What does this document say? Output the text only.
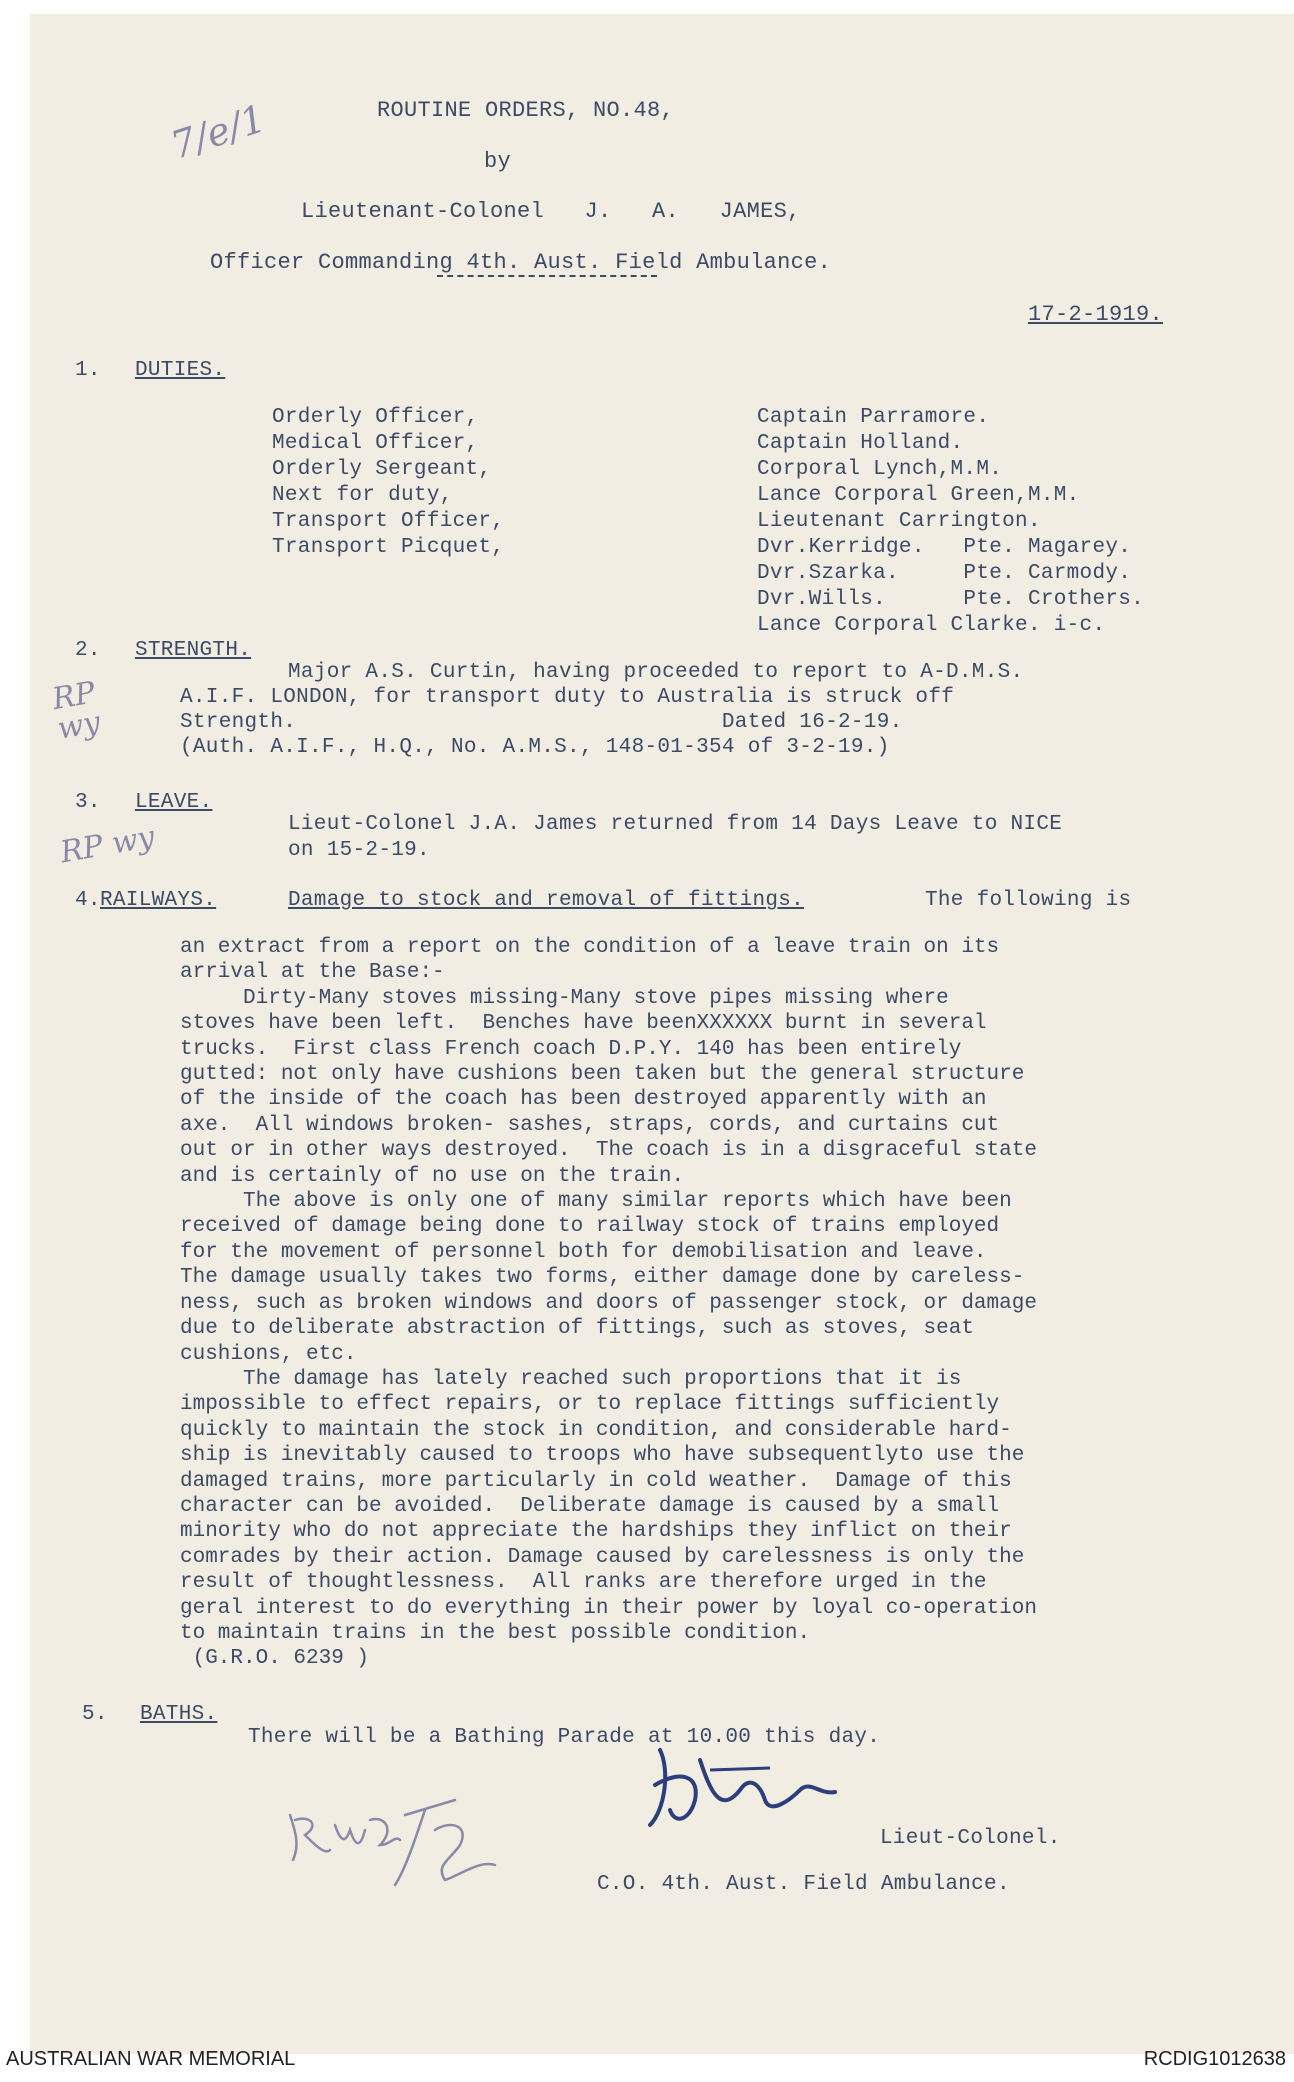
ROUTINE ORDERS, NO.48,
by
Lieutenant-Colonel   J.   A.   JAMES,
Officer Commanding 4th. Aust. Field Ambulance.
17-2-1919.
1. DUTIES.
Orderly Officer,	Captain Parramore.
Medical Officer,	Captain Holland.
Orderly Sergeant,	Corporal Lynch,M.M.
Next for duty,	Lance Corporal Green,M.M.
Transport Officer,	Lieutenant Carrington.
Transport Picquet,	Dvr.Kerridge.   Pte. Magarey.
Dvr.Szarka.     Pte. Carmody.
Dvr.Wills.      Pte. Crothers.
Lance Corporal Clarke. i-c.
2. STRENGTH.
Major A.S. Curtin, having proceeded to report to A-D.M.S.
A.I.F. LONDON, for transport duty to Australia is struck off
Strength.                                 Dated 16-2-19.
(Auth. A.I.F., H.Q., No. A.M.S., 148-01-354 of 3-2-19.)
3. LEAVE.
Lieut-Colonel J.A. James returned from 14 Days Leave to NICE
on 15-2-19.
4. RAILWAYS.	Damage to stock and removal of fittings.	The following is
an extract from a report on the condition of a leave train on its
arrival at the Base:-
Dirty-Many stoves missing-Many stove pipes missing where
stoves have been left.  Benches have beenXXXXXX burnt in several
trucks.  First class French coach D.P.Y. 140 has been entirely
gutted: not only have cushions been taken but the general structure
of the inside of the coach has been destroyed apparently with an
axe.  All windows broken- sashes, straps, cords, and curtains cut
out or in other ways destroyed.  The coach is in a disgraceful state
and is certainly of no use on the train.
The above is only one of many similar reports which have been
received of damage being done to railway stock of trains employed
for the movement of personnel both for demobilisation and leave.
The damage usually takes two forms, either damage done by careless-
ness, such as broken windows and doors of passenger stock, or damage
due to deliberate abstraction of fittings, such as stoves, seat
cushions, etc.
The damage has lately reached such proportions that it is
impossible to effect repairs, or to replace fittings sufficiently
quickly to maintain the stock in condition, and considerable hard-
ship is inevitably caused to troops who have subsequentlyto use the
damaged trains, more particularly in cold weather.  Damage of this
character can be avoided.  Deliberate damage is caused by a small
minority who do not appreciate the hardships they inflict on their
comrades by their action. Damage caused by carelessness is only the
result of thoughtlessness.  All ranks are therefore urged in the
geral interest to do everything in their power by loyal co-operation
to maintain trains in the best possible condition.
(G.R.O. 6239 )
5. BATHS.
There will be a Bathing Parade at 10.00 this day.
Lieut-Colonel.
C.O. 4th. Aust. Field Ambulance.
7/e/1
RP wy
RP wy
AUSTRALIAN WAR MEMORIAL	RCDIG1012638
